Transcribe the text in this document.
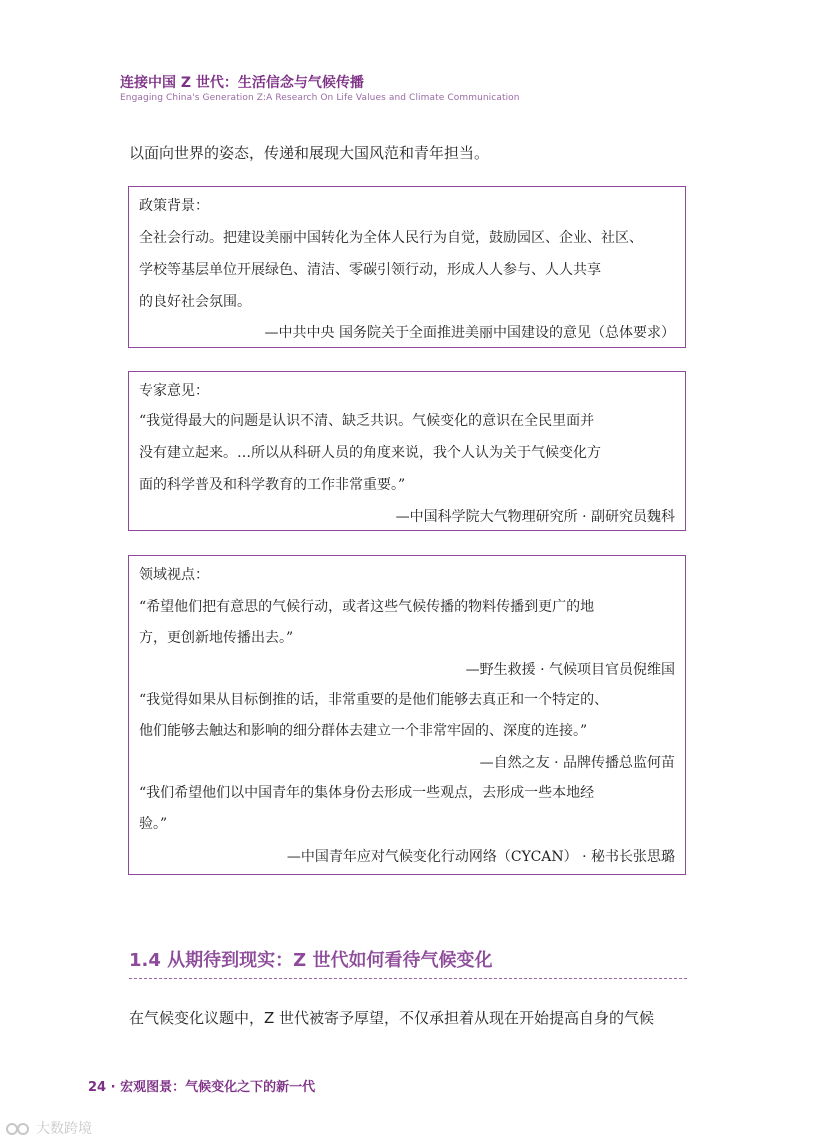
连接中国 Z 世代：生活信念与气候传播
Engaging China's Generation Z:A Research On Life Values and Climate Communication
以面向世界的姿态，传递和展现大国风范和青年担当。
政策背景：
全社会行动。把建设美丽中国转化为全体人民行为自觉，鼓励园区、企业、社区、
学校等基层单位开展绿色、清洁、零碳引领行动，形成人人参与、人人共享
的良好社会氛围。
—中共中央 国务院关于全面推进美丽中国建设的意见（总体要求）
专家意见：
“我觉得最大的问题是认识不清、缺乏共识。气候变化的意识在全民里面并
没有建立起来。…所以从科研人员的角度来说，我个人认为关于气候变化方
面的科学普及和科学教育的工作非常重要。”
—中国科学院大气物理研究所 · 副研究员魏科
领域视点：
“希望他们把有意思的气候行动，或者这些气候传播的物料传播到更广的地
方，更创新地传播出去。”
—野生救援 · 气候项目官员倪维国
“我觉得如果从目标倒推的话，非常重要的是他们能够去真正和一个特定的、
他们能够去触达和影响的细分群体去建立一个非常牢固的、深度的连接。”
—自然之友 · 品牌传播总监何苗
“我们希望他们以中国青年的集体身份去形成一些观点，去形成一些本地经
验。”
—中国青年应对气候变化行动网络（CYCAN） · 秘书长张思璐
1.4 从期待到现实：Z 世代如何看待气候变化
在气候变化议题中，Z 世代被寄予厚望，不仅承担着从现在开始提高自身的气候
24 · 宏观图景：气候变化之下的新一代
大数跨境
